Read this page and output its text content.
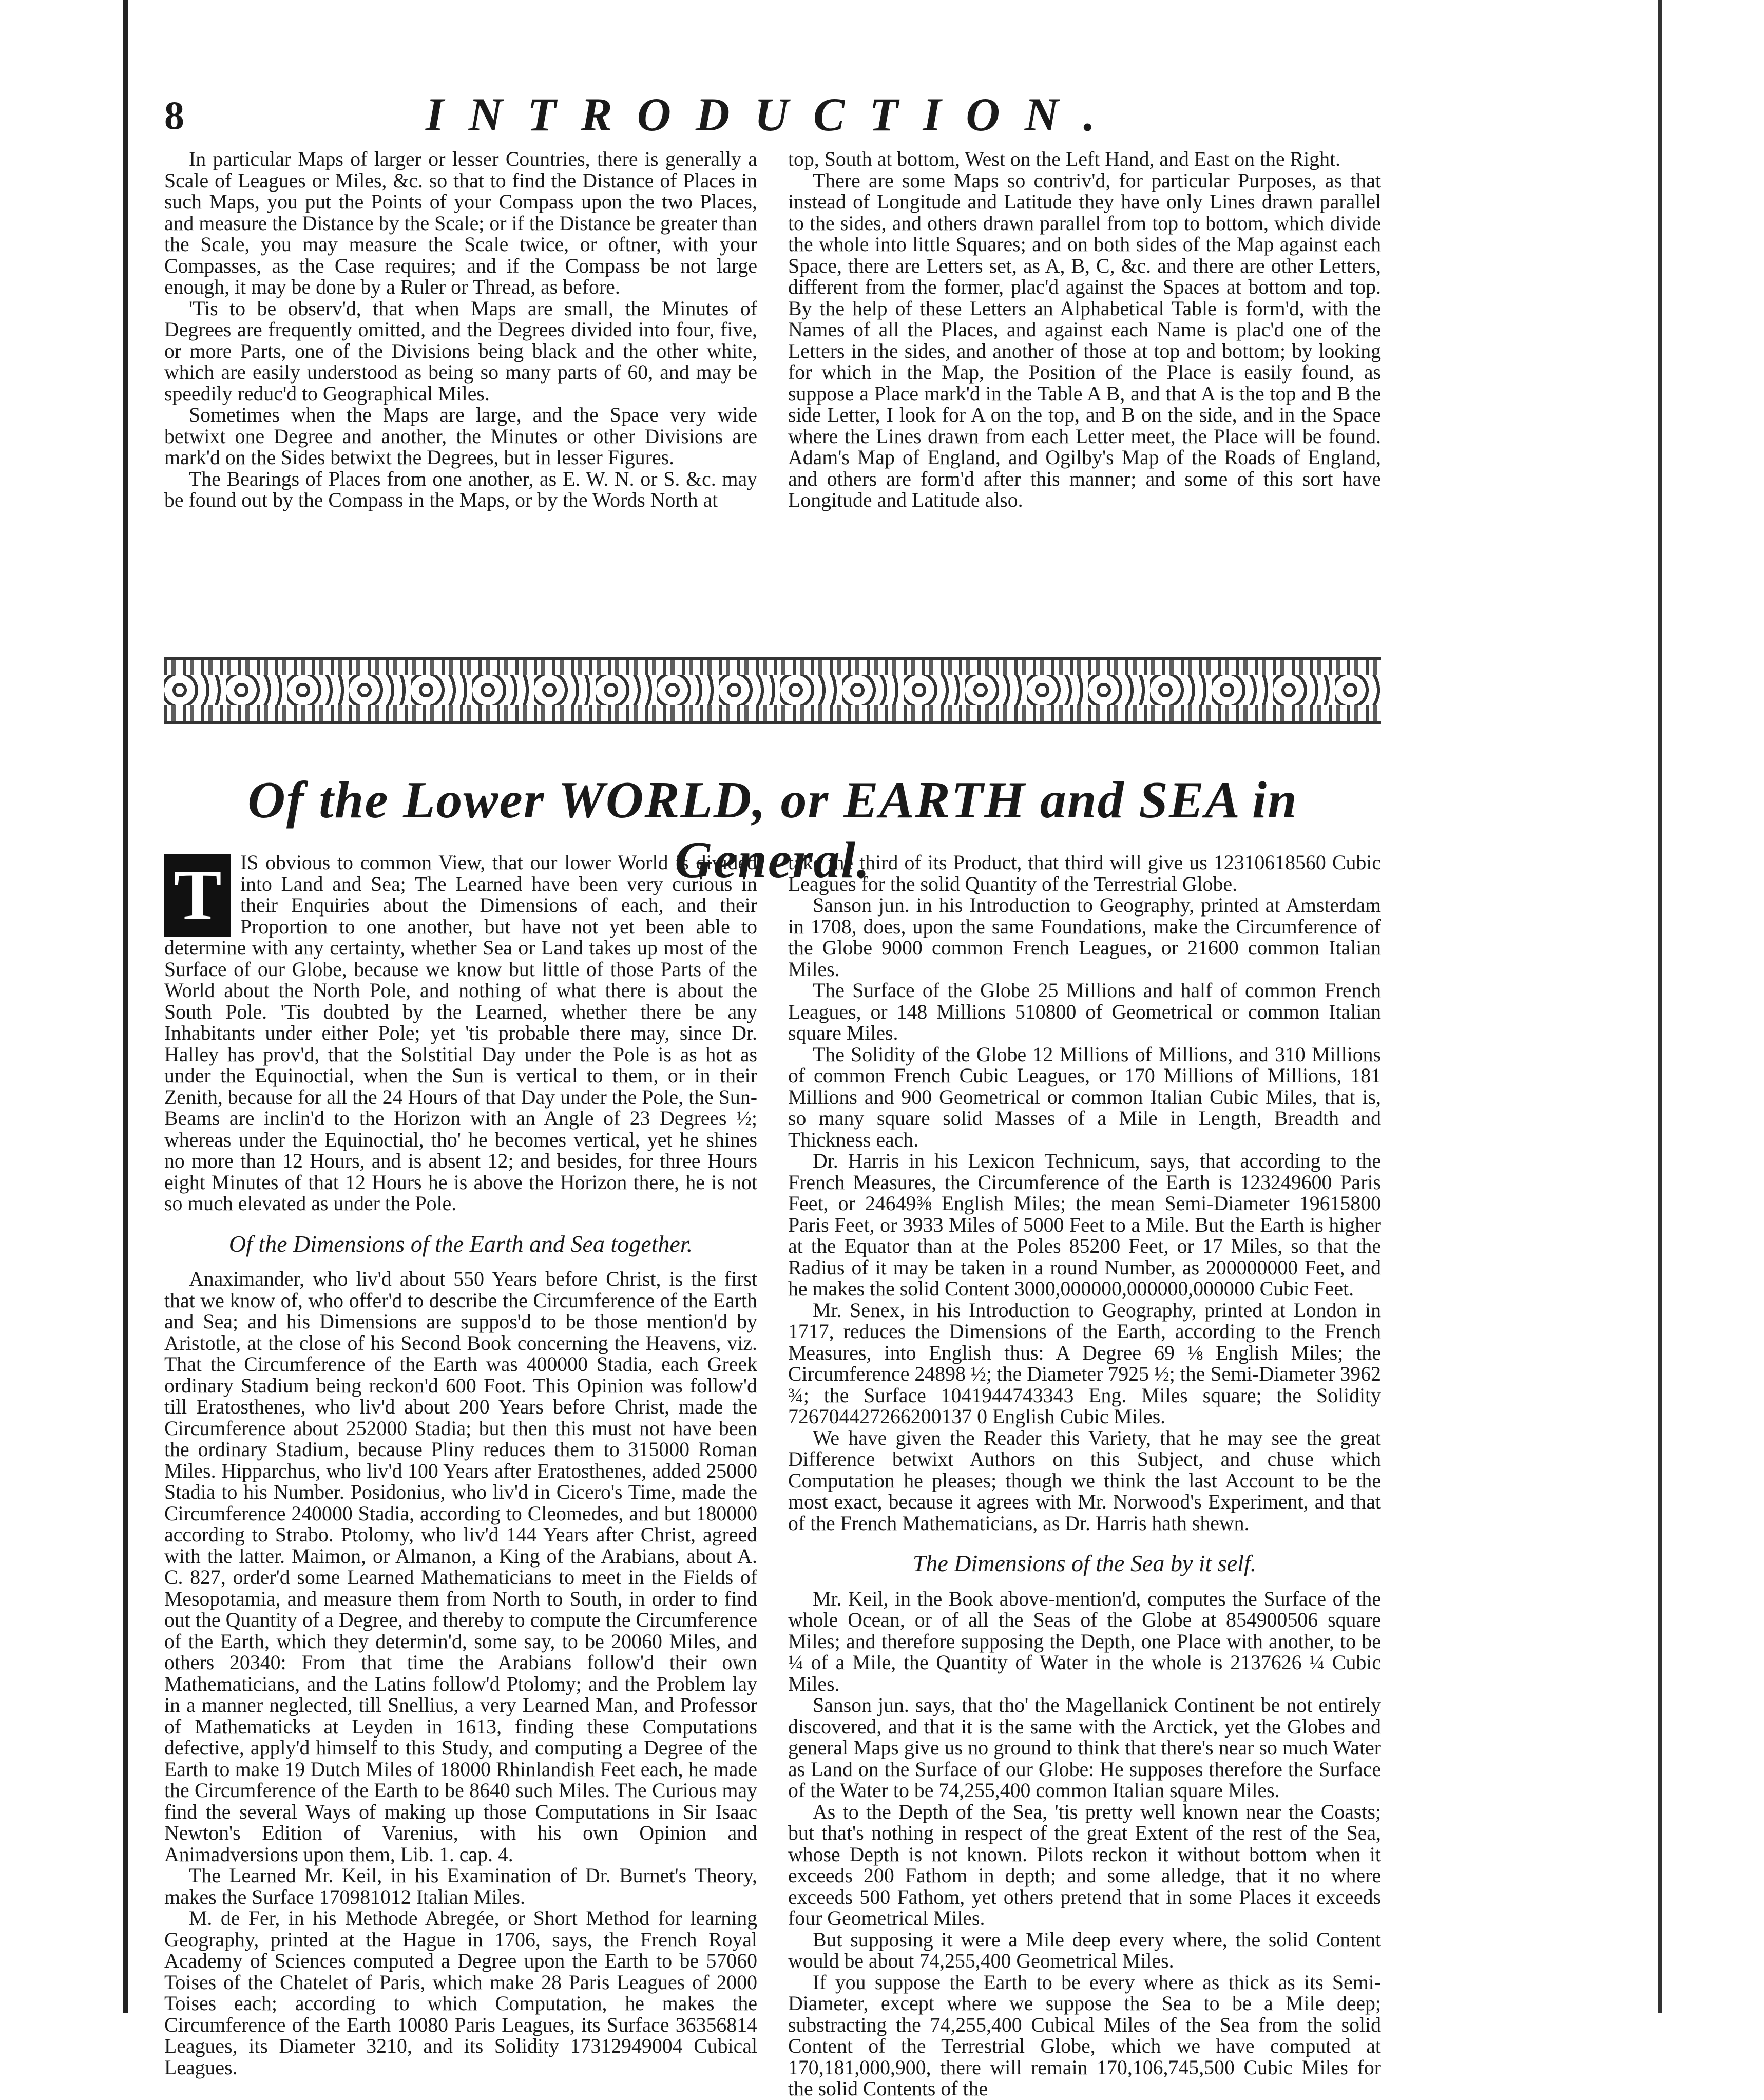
8	INTRODUCTION.

In particular Maps of larger or lesser Countries, there is generally a Scale of Leagues or Miles, &c. so that to find the Distance of Places in such Maps, you put the Points of your Compass upon the two Places, and measure the Distance by the Scale; or if the Distance be greater than the Scale, you may measure the Scale twice, or oftner, with your Compasses, as the Case requires; and if the Compass be not large enough, it may be done by a Ruler or Thread, as before.

'Tis to be observ'd, that when Maps are small, the Minutes of Degrees are frequently omitted, and the Degrees divided into four, five, or more Parts, one of the Divisions being black and the other white, which are easily understood as being so many parts of 60, and may be speedily reduc'd to Geographical Miles.

Sometimes when the Maps are large, and the Space very wide betwixt one Degree and another, the Minutes or other Divisions are mark'd on the Sides betwixt the Degrees, but in lesser Figures.

The Bearings of Places from one another, as E. W. N. or S. &c. may be found out by the Compass in the Maps, or by the Words North at

top, South at bottom, West on the Left Hand, and East on the Right.

There are some Maps so contriv'd, for particular Purposes, as that instead of Longitude and Latitude they have only Lines drawn parallel to the sides, and others drawn parallel from top to bottom, which divide the whole into little Squares; and on both sides of the Map against each Space, there are Letters set, as A, B, C, &c. and there are other Letters, different from the former, plac'd against the Spaces at bottom and top. By the help of these Letters an Alphabetical Table is form'd, with the Names of all the Places, and against each Name is plac'd one of the Letters in the sides, and another of those at top and bottom; by looking for which in the Map, the Position of the Place is easily found, as suppose a Place mark'd in the Table A B, and that A is the top and B the side Letter, I look for A on the top, and B on the side, and in the Space where the Lines drawn from each Letter meet, the Place will be found. Adam's Map of England, and Ogilby's Map of the Roads of England, and others are form'd after this manner; and some of this sort have Longitude and Latitude also.

Of the Lower WORLD, or EARTH and SEA in General.

T IS obvious to common View, that our lower World is divided into Land and Sea; The Learned have been very curious in their Enquiries about the Dimensions of each, and their Proportion to one another, but have not yet been able to determine with any certainty, whether Sea or Land takes up most of the Surface of our Globe, because we know but little of those Parts of the World about the North Pole, and nothing of what there is about the South Pole. 'Tis doubted by the Learned, whether there be any Inhabitants under either Pole; yet 'tis probable there may, since Dr. Halley has prov'd, that the Solstitial Day under the Pole is as hot as under the Equinoctial, when the Sun is vertical to them, or in their Zenith, because for all the 24 Hours of that Day under the Pole, the Sun-Beams are inclin'd to the Horizon with an Angle of 23 Degrees ½; whereas under the Equinoctial, tho' he becomes vertical, yet he shines no more than 12 Hours, and is absent 12; and besides, for three Hours eight Minutes of that 12 Hours he is above the Horizon there, he is not so much elevated as under the Pole.

Of the Dimensions of the Earth and Sea together.

Anaximander, who liv'd about 550 Years before Christ, is the first that we know of, who offer'd to describe the Circumference of the Earth and Sea; and his Dimensions are suppos'd to be those mention'd by Aristotle, at the close of his Second Book concerning the Heavens, viz. That the Circumference of the Earth was 400000 Stadia, each Greek ordinary Stadium being reckon'd 600 Foot. This Opinion was follow'd till Eratosthenes, who liv'd about 200 Years before Christ, made the Circumference about 252000 Stadia; but then this must not have been the ordinary Stadium, because Pliny reduces them to 315000 Roman Miles. Hipparchus, who liv'd 100 Years after Eratosthenes, added 25000 Stadia to his Number. Posidonius, who liv'd in Cicero's Time, made the Circumference 240000 Stadia, according to Cleomedes, and but 180000 according to Strabo. Ptolomy, who liv'd 144 Years after Christ, agreed with the latter. Maimon, or Almanon, a King of the Arabians, about A. C. 827, order'd some Learned Mathematicians to meet in the Fields of Mesopotamia, and measure them from North to South, in order to find out the Quantity of a Degree, and thereby to compute the Circumference of the Earth, which they determin'd, some say, to be 20060 Miles, and others 20340: From that time the Arabians follow'd their own Mathematicians, and the Latins follow'd Ptolomy; and the Problem lay in a manner neglected, till Snellius, a very Learned Man, and Professor of Mathematicks at Leyden in 1613, finding these Computations defective, apply'd himself to this Study, and computing a Degree of the Earth to make 19 Dutch Miles of 18000 Rhinlandish Feet each, he made the Circumference of the Earth to be 8640 such Miles. The Curious may find the several Ways of making up those Computations in Sir Isaac Newton's Edition of Varenius, with his own Opinion and Animadversions upon them, Lib. 1. cap. 4.

The Learned Mr. Keil, in his Examination of Dr. Burnet's Theory, makes the Surface 170981012 Italian Miles.

M. de Fer, in his Methode Abregée, or Short Method for learning Geography, printed at the Hague in 1706, says, the French Royal Academy of Sciences computed a Degree upon the Earth to be 57060 Toises of the Chatelet of Paris, which make 28 Paris Leagues of 2000 Toises each; according to which Computation, he makes the Circumference of the Earth 10080 Paris Leagues, its Surface 36356814 Leagues, its Diameter 3210, and its Solidity 17312949004 Cubical Leagues.

take the third of its Product, that third will give us 12310618560 Cubic Leagues for the solid Quantity of the Terrestrial Globe.

Sanson jun. in his Introduction to Geography, printed at Amsterdam in 1708, does, upon the same Foundations, make the Circumference of the Globe 9000 common French Leagues, or 21600 common Italian Miles.

The Surface of the Globe 25 Millions and half of common French Leagues, or 148 Millions 510800 of Geometrical or common Italian square Miles.

The Solidity of the Globe 12 Millions of Millions, and 310 Millions of common French Cubic Leagues, or 170 Millions of Millions, 181 Millions and 900 Geometrical or common Italian Cubic Miles, that is, so many square solid Masses of a Mile in Length, Breadth and Thickness each.

Dr. Harris in his Lexicon Technicum, says, that according to the French Measures, the Circumference of the Earth is 123249600 Paris Feet, or 24649⅜ English Miles; the mean Semi-Diameter 19615800 Paris Feet, or 3933 Miles of 5000 Feet to a Mile. But the Earth is higher at the Equator than at the Poles 85200 Feet, or 17 Miles, so that the Radius of it may be taken in a round Number, as 200000000 Feet, and he makes the solid Content 3000,000000,000000,000000 Cubic Feet.

Mr. Senex, in his Introduction to Geography, printed at London in 1717, reduces the Dimensions of the Earth, according to the French Measures, into English thus: A Degree 69 ⅛ English Miles; the Circumference 24898 ½; the Diameter 7925 ½; the Semi-Diameter 3962 ¾; the Surface 1041944743343 Eng. Miles square; the Solidity 726704427266200137 0 English Cubic Miles.

We have given the Reader this Variety, that he may see the great Difference betwixt Authors on this Subject, and chuse which Computation he pleases; though we think the last Account to be the most exact, because it agrees with Mr. Norwood's Experiment, and that of the French Mathematicians, as Dr. Harris hath shewn.

The Dimensions of the Sea by it self.

Mr. Keil, in the Book above-mention'd, computes the Surface of the whole Ocean, or of all the Seas of the Globe at 854900506 square Miles; and therefore supposing the Depth, one Place with another, to be ¼ of a Mile, the Quantity of Water in the whole is 2137626 ¼ Cubic Miles.

Sanson jun. says, that tho' the Magellanick Continent be not entirely discovered, and that it is the same with the Arctick, yet the Globes and general Maps give us no ground to think that there's near so much Water as Land on the Surface of our Globe: He supposes therefore the Surface of the Water to be 74,255,400 common Italian square Miles.

As to the Depth of the Sea, 'tis pretty well known near the Coasts; but that's nothing in respect of the great Extent of the rest of the Sea, whose Depth is not known. Pilots reckon it without bottom when it exceeds 200 Fathom in depth; and some alledge, that it no where exceeds 500 Fathom, yet others pretend that in some Places it exceeds four Geometrical Miles.

But supposing it were a Mile deep every where, the solid Content would be about 74,255,400 Geometrical Miles.

If you suppose the Earth to be every where as thick as its Semi-Diameter, except where we suppose the Sea to be a Mile deep; substracting the 74,255,400 Cubical Miles of the Sea from the solid Content of the Terrestrial Globe, which we have computed at 170,181,000,900, there will remain 170,106,745,500 Cubic Miles for the solid Contents of the
